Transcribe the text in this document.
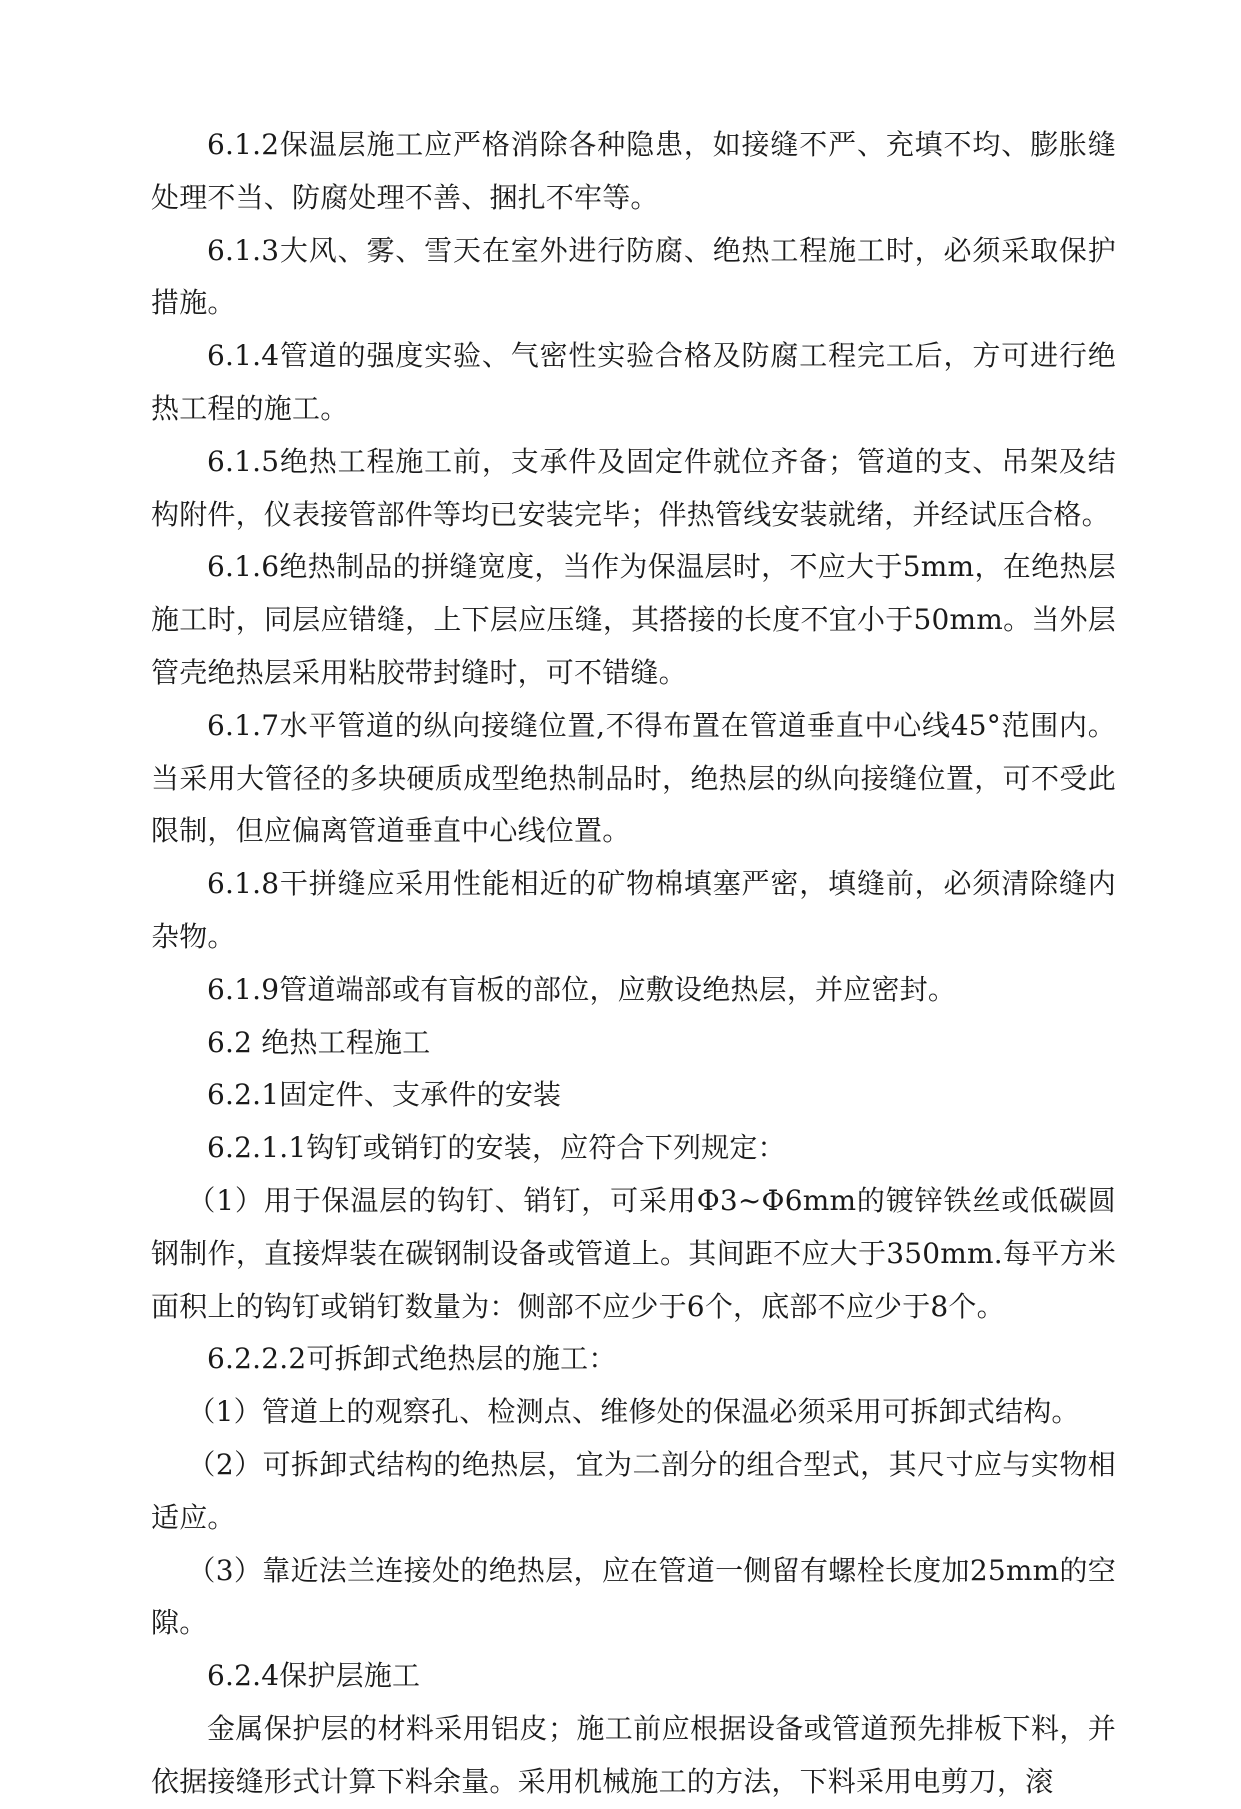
6.1.2保温层施工应严格消除各种隐患，如接缝不严、充填不均、膨胀缝处理不当、防腐处理不善、捆扎不牢等。

6.1.3大风、雾、雪天在室外进行防腐、绝热工程施工时，必须采取保护措施。

6.1.4管道的强度实验、气密性实验合格及防腐工程完工后，方可进行绝热工程的施工。

6.1.5绝热工程施工前，支承件及固定件就位齐备；管道的支、吊架及结构附件，仪表接管部件等均已安装完毕；伴热管线安装就绪，并经试压合格。

6.1.6绝热制品的拼缝宽度，当作为保温层时，不应大于5mm，在绝热层施工时，同层应错缝，上下层应压缝，其搭接的长度不宜小于50mm。当外层管壳绝热层采用粘胶带封缝时，可不错缝。

6.1.7水平管道的纵向接缝位置,不得布置在管道垂直中心线45°范围内。当采用大管径的多块硬质成型绝热制品时，绝热层的纵向接缝位置，可不受此限制，但应偏离管道垂直中心线位置。

6.1.8干拼缝应采用性能相近的矿物棉填塞严密，填缝前，必须清除缝内杂物。

6.1.9管道端部或有盲板的部位，应敷设绝热层，并应密封。

6.2 绝热工程施工

6.2.1固定件、支承件的安装

6.2.1.1钩钉或销钉的安装，应符合下列规定：

（1）用于保温层的钩钉、销钉，可采用Φ3~Φ6mm的镀锌铁丝或低碳圆钢制作，直接焊装在碳钢制设备或管道上。其间距不应大于350mm.每平方米面积上的钩钉或销钉数量为：侧部不应少于6个，底部不应少于8个。

6.2.2.2可拆卸式绝热层的施工：

（1）管道上的观察孔、检测点、维修处的保温必须采用可拆卸式结构。

（2）可拆卸式结构的绝热层，宜为二剖分的组合型式，其尺寸应与实物相适应。

（3）靠近法兰连接处的绝热层，应在管道一侧留有螺栓长度加25mm的空隙。

6.2.4保护层施工

金属保护层的材料采用铝皮；施工前应根据设备或管道预先排板下料，并依据接缝形式计算下料余量。采用机械施工的方法，下料采用电剪刀，滚
